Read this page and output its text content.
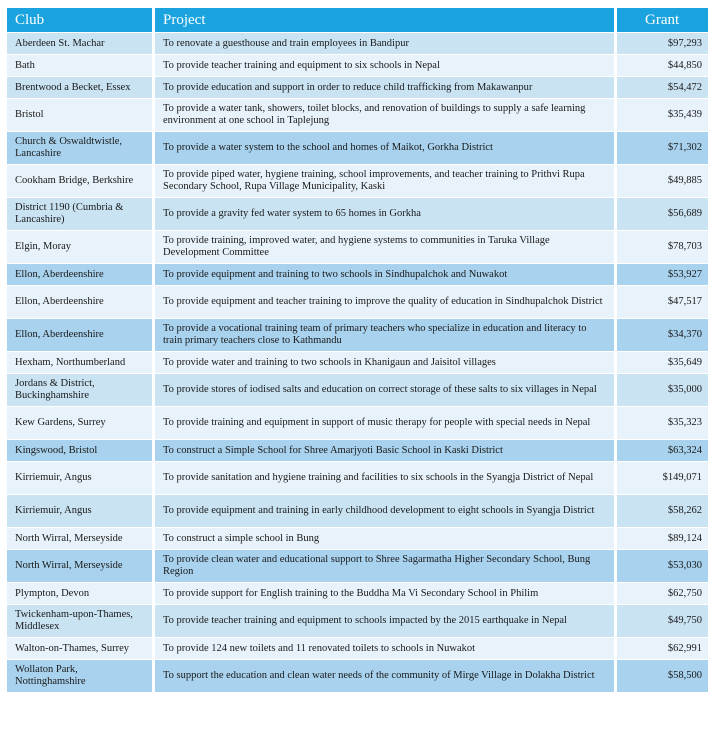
Club	Project	Grant
Aberdeen St. Machar	To renovate a guesthouse and train employees in Bandipur	$97,293
Bath	To provide teacher training and equipment to six schools in Nepal	$44,850
Brentwood a Becket, Essex	To provide education and support in order to reduce child trafficking from Makawanpur	$54,472
Bristol	To provide a water tank, showers, toilet blocks, and renovation of buildings to supply a safe learning environment at one school in Taplejung	$35,439
Church & Oswaldtwistle, Lancashire	To provide a water system to the school and homes of Maikot, Gorkha District	$71,302
Cookham Bridge, Berkshire	To provide piped water, hygiene training, school improvements, and teacher training to Prithvi Rupa Secondary School, Rupa Village Municipality, Kaski	$49,885
District 1190 (Cumbria & Lancashire)	To provide a gravity fed water system to 65 homes in Gorkha	$56,689
Elgin, Moray	To provide training, improved water, and hygiene systems to communities in Taruka Village Development Committee	$78,703
Ellon, Aberdeenshire	To provide equipment and training to two schools in Sindhupalchok and Nuwakot	$53,927
Ellon, Aberdeenshire	To provide equipment and teacher training to improve the quality of education in Sindhupalchok District	$47,517
Ellon, Aberdeenshire	To provide a vocational training team of primary teachers who specialize in education and literacy to train primary teachers close to Kathmandu	$34,370
Hexham, Northumberland	To provide water and training to two schools in Khanigaun and Jaisitol villages	$35,649
Jordans & District, Buckinghamshire	To provide stores of iodised salts and education on correct storage of these salts to six villages in Nepal	$35,000
Kew Gardens, Surrey	To provide training and equipment in support of music therapy for people with special needs in Nepal	$35,323
Kingswood, Bristol	To construct a Simple School for Shree Amarjyoti Basic School in Kaski District	$63,324
Kirriemuir, Angus	To provide sanitation and hygiene training and facilities to six schools in the Syangja District of Nepal	$149,071
Kirriemuir, Angus	To provide equipment and training in early childhood development to eight schools in Syangja District	$58,262
North Wirral, Merseyside	To construct a simple school in Bung	$89,124
North Wirral, Merseyside	To provide clean water and educational support to Shree Sagarmatha Higher Secondary School, Bung Region	$53,030
Plympton, Devon	To provide support for English training to the Buddha Ma Vi Secondary School in Philim	$62,750
Twickenham-upon-Thames, Middlesex	To provide teacher training and equipment to schools impacted by the 2015 earthquake in Nepal	$49,750
Walton-on-Thames, Surrey	To provide 124 new toilets and 11 renovated toilets to schools in Nuwakot	$62,991
Wollaton Park, Nottinghamshire	To support the education and clean water needs of the community of Mirge Village in Dolakha District	$58,500
